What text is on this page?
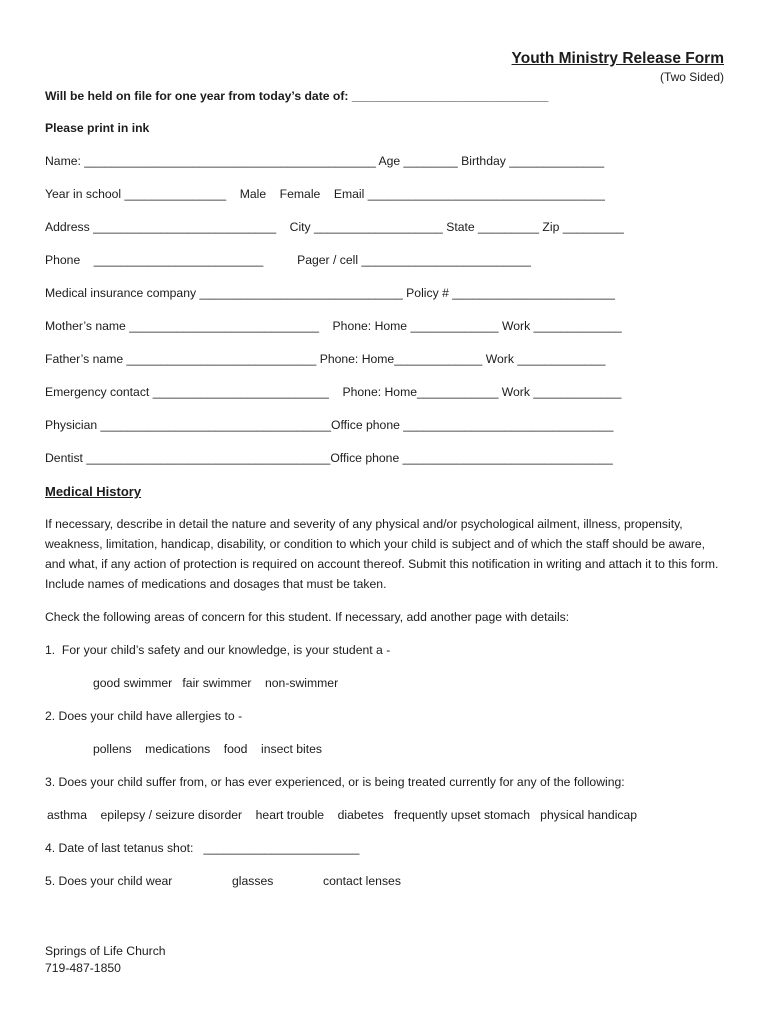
Youth Ministry Release Form
(Two Sided)
Will be held on file for one year from today’s date of: _____________________________
Please print in ink
Name: ___________________________________________ Age ________ Birthday ______________
Year in school _______________    Male    Female    Email ___________________________________
Address ___________________________    City ___________________ State _________ Zip _________
Phone    _________________________          Pager / cell _________________________
Medical insurance company ______________________________ Policy # ________________________
Mother’s name ____________________________    Phone: Home _____________ Work _____________
Father’s name ____________________________ Phone: Home_____________ Work _____________
Emergency contact __________________________    Phone: Home____________ Work _____________
Physician __________________________________Office phone _______________________________
Dentist ____________________________________Office phone _______________________________
Medical History
If necessary, describe in detail the nature and severity of any physical and/or psychological ailment, illness, propensity, weakness, limitation, handicap, disability, or condition to which your child is subject and of which the staff should be aware, and what, if any action of protection is required on account thereof. Submit this notification in writing and attach it to this form. Include names of medications and dosages that must be taken.
Check the following areas of concern for this student. If necessary, add another page with details:
1.  For your child’s safety and our knowledge, is your student a -
good swimmer   fair swimmer    non-swimmer
2. Does your child have allergies to -
pollens    medications    food    insect bites
3. Does your child suffer from, or has ever experienced, or is being treated currently for any of the following:
asthma    epilepsy / seizure disorder    heart trouble    diabetes   frequently upset stomach   physical handicap
4. Date of last tetanus shot:   _______________________
5. Does your child wear	glasses	contact lenses
Springs of Life Church
719-487-1850
